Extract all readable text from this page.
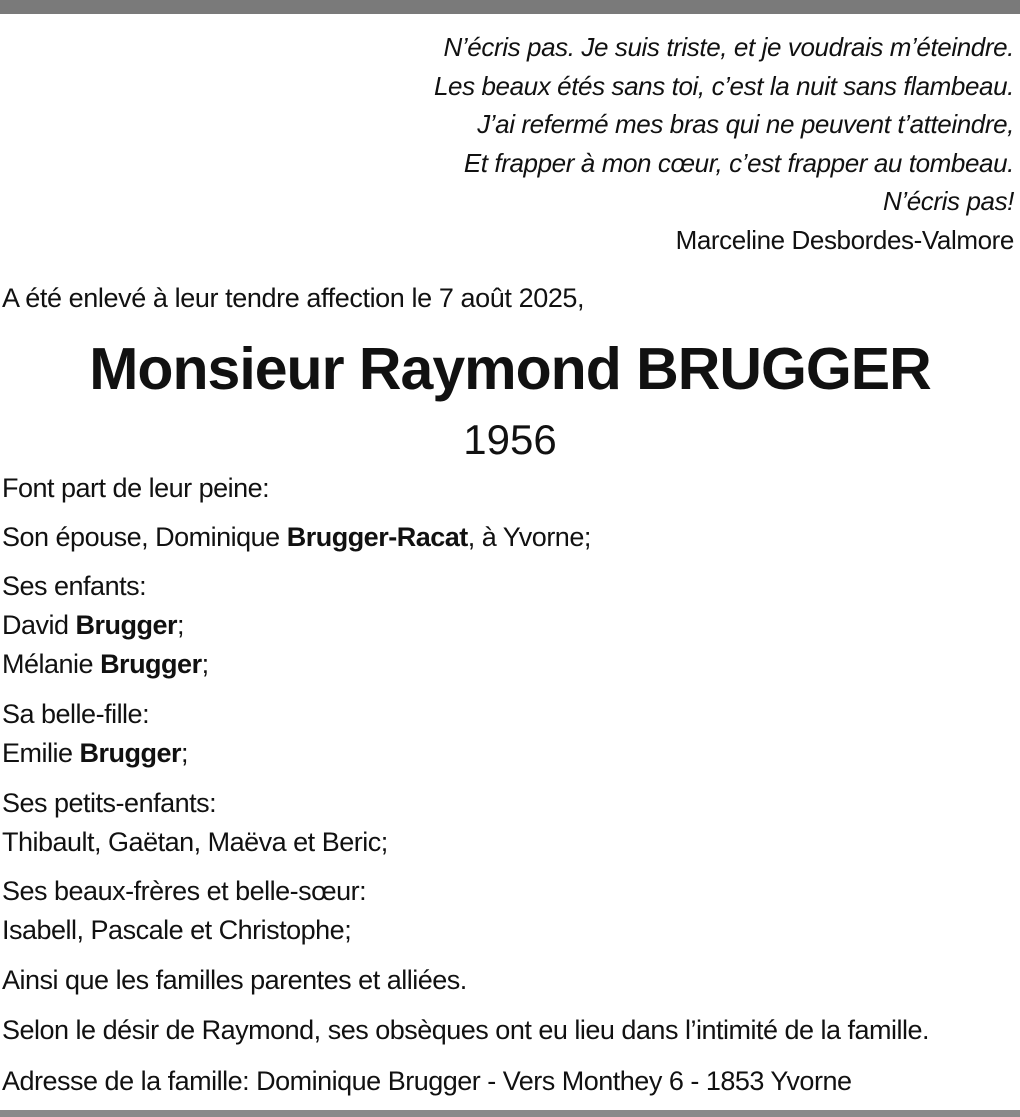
N’écris pas. Je suis triste, et je voudrais m’éteindre.
Les beaux étés sans toi, c’est la nuit sans flambeau.
J’ai refermé mes bras qui ne peuvent t’atteindre,
Et frapper à mon cœur, c’est frapper au tombeau.
N’écris pas!
Marceline Desbordes-Valmore
A été enlevé à leur tendre affection le 7 août 2025,
Monsieur Raymond BRUGGER
1956
Font part de leur peine:
Son épouse, Dominique Brugger-Racat, à Yvorne;
Ses enfants:
David Brugger;
Mélanie Brugger;
Sa belle-fille:
Emilie Brugger;
Ses petits-enfants:
Thibault, Gaëtan, Maëva et Beric;
Ses beaux-frères et belle-sœur:
Isabell, Pascale et Christophe;
Ainsi que les familles parentes et alliées.
Selon le désir de Raymond, ses obsèques ont eu lieu dans l’intimité de la famille.
Adresse de la famille: Dominique Brugger - Vers Monthey 6 - 1853 Yvorne
